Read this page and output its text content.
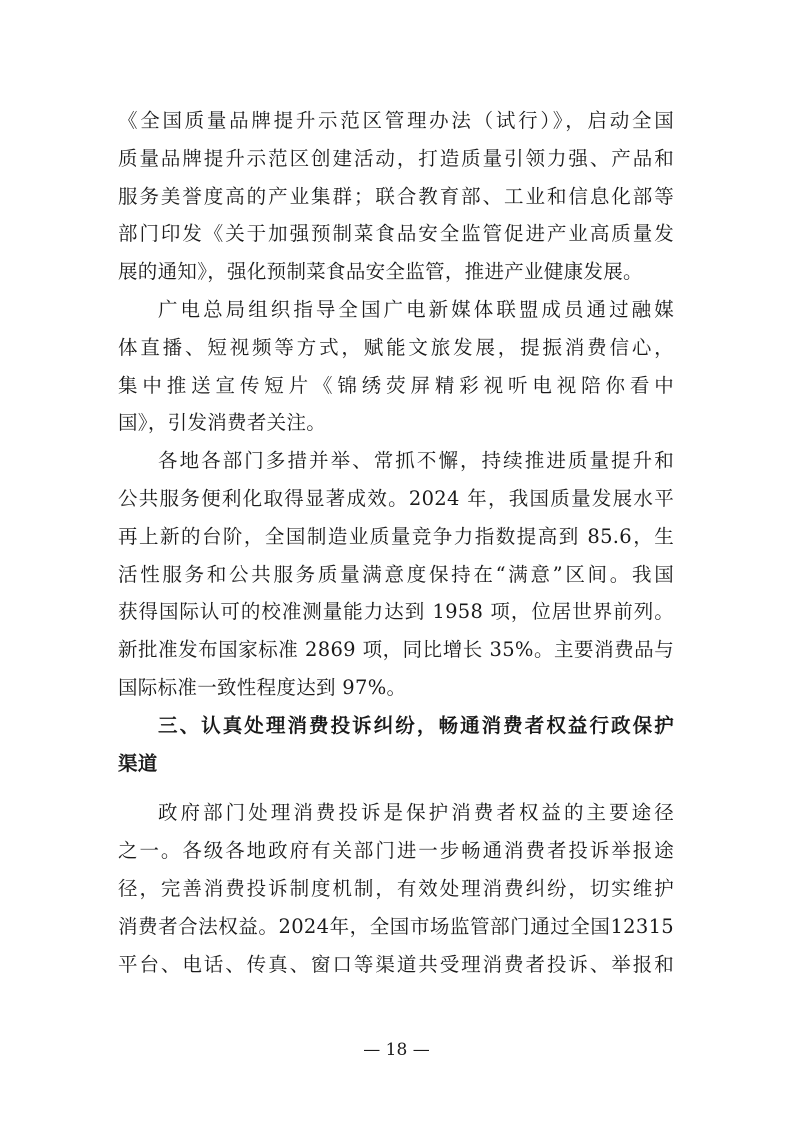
《全国质量品牌提升示范区管理办法（试行）》，启动全国
质量品牌提升示范区创建活动，打造质量引领力强、产品和
服务美誉度高的产业集群；联合教育部、工业和信息化部等
部门印发《关于加强预制菜食品安全监管促进产业高质量发
展的通知》，强化预制菜食品安全监管，推进产业健康发展。
广电总局组织指导全国广电新媒体联盟成员通过融媒
体直播、短视频等方式，赋能文旅发展，提振消费信心，
集中推送宣传短片《锦绣荧屏精彩视听电视陪你看中
国》，引发消费者关注。
各地各部门多措并举、常抓不懈，持续推进质量提升和
公共服务便利化取得显著成效。2024 年，我国质量发展水平
再上新的台阶，全国制造业质量竞争力指数提高到 85.6，生
活性服务和公共服务质量满意度保持在“满意”区间。我国
获得国际认可的校准测量能力达到 1958 项，位居世界前列。
新批准发布国家标准 2869 项，同比增长 35%。主要消费品与
国际标准一致性程度达到 97%。
三、认真处理消费投诉纠纷，畅通消费者权益行政保护
渠道
政府部门处理消费投诉是保护消费者权益的主要途径
之一。各级各地政府有关部门进一步畅通消费者投诉举报途
径，完善消费投诉制度机制，有效处理消费纠纷，切实维护
消费者合法权益。2024年，全国市场监管部门通过全国12315
平台、电话、传真、窗口等渠道共受理消费者投诉、举报和
— 18 —
